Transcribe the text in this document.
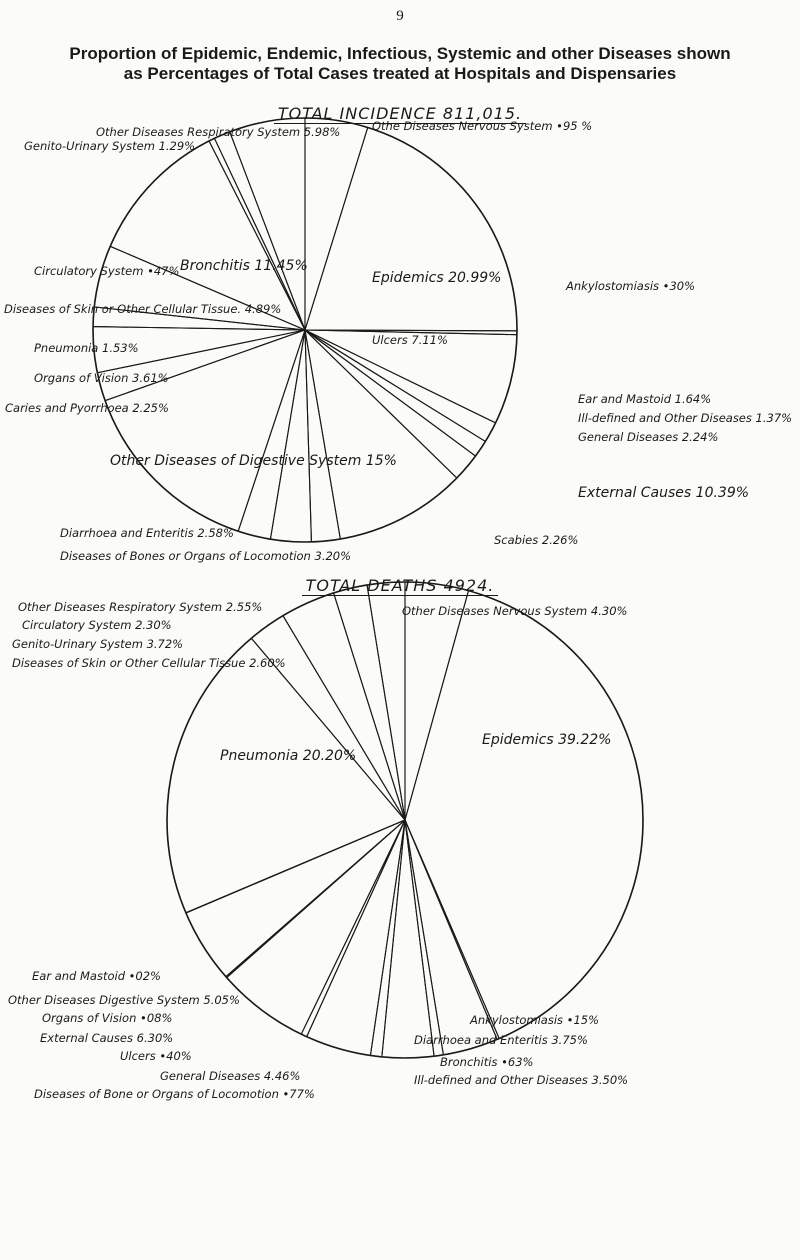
9
Proportion of Epidemic, Endemic, Infectious, Systemic and other Diseases shown as Percentages of Total Cases treated at Hospitals and Dispensaries
TOTAL INCIDENCE 811,015.
TOTAL DEATHS 4924.
Othe Diseases Nervous System •95 %
Epidemics 20.99%	Ankylostomiasis •30%
Ulcers 7.11%
Ear and Mastoid 1.64%
Ill-defined and Other Diseases 1.37%
General Diseases 2.24%
External Causes 10.39%
Scabies 2.26%
Diseases of Bones or Organs of Locomotion 3.20%
Diarrhoea and Enteritis 2.58%
Other Diseases of Digestive System 15%
Caries and Pyorrhoea 2.25%
Organs of Vision 3.61%
Pneumonia 1.53%
Diseases of Skin or Other Cellular Tissue. 4.89%
Bronchitis 11.45%
Circulatory System •47%
Genito-Urinary System 1.29%
Other Diseases Respiratory System 5.98%
Other Diseases Nervous System 4.30%
Epidemics 39.22%
Ankylostomiasis •15%
Diarrhoea and Enteritis 3.75%
Bronchitis •63%
Ill-defined and Other Diseases 3.50%
Diseases of Bone or Organs of Locomotion •77%
General Diseases 4.46%
Ulcers •40%
External Causes 6.30%
Organs of Vision •08%
Other Diseases Digestive System 5.05%
Ear and Mastoid •02%
Pneumonia 20.20%
Diseases of Skin or Other Cellular Tissue 2.60%
Genito-Urinary System 3.72%
Circulatory System 2.30%
Other Diseases Respiratory System 2.55%
